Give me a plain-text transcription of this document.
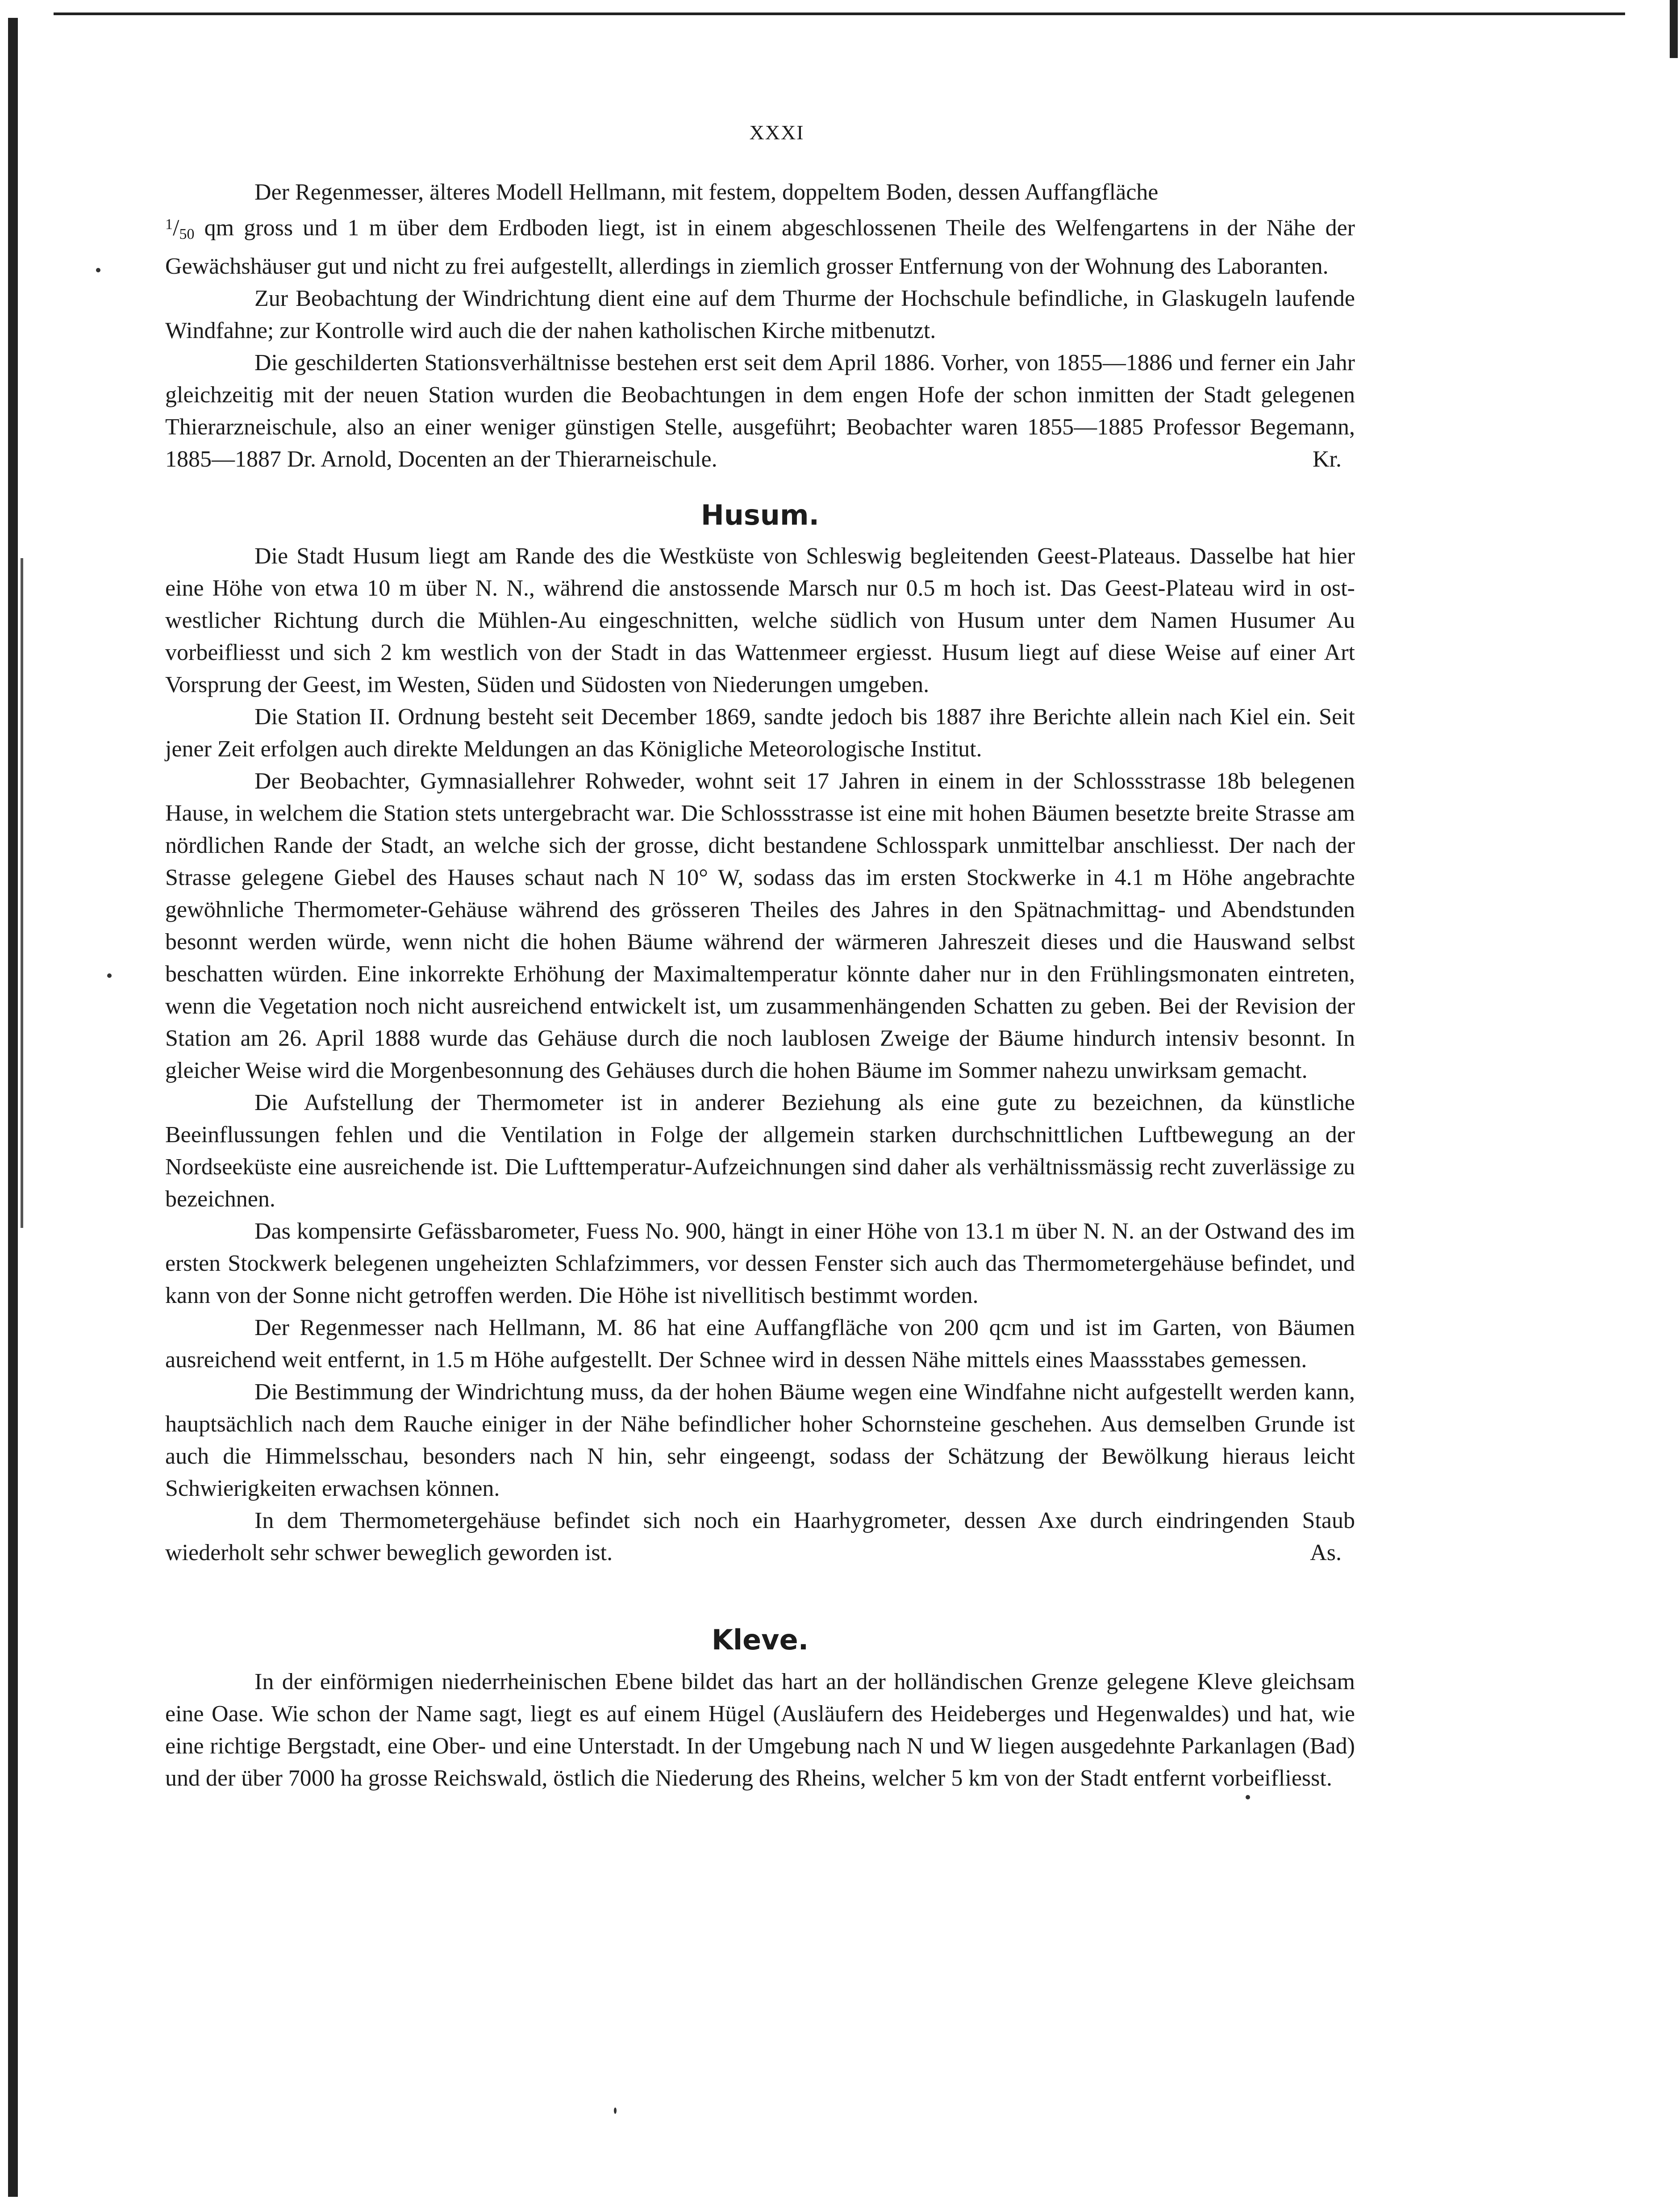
XXXI

Der Regenmesser, älteres Modell Hellmann, mit festem, doppeltem Boden, dessen Auffangfläche

$^1/_{50}$ qm gross und 1 m über dem Erdboden liegt, ist in einem abgeschlossenen Theile des Welfengartens in der Nähe der Gewächshäuser gut und nicht zu frei aufgestellt, allerdings in ziemlich grosser Entfernung von der Wohnung des Laboranten.

Zur Beobachtung der Windrichtung dient eine auf dem Thurme der Hochschule befindliche, in Glaskugeln laufende Windfahne; zur Kontrolle wird auch die der nahen katholischen Kirche mitbenutzt.

Die geschilderten Stationsverhältnisse bestehen erst seit dem April 1886. Vorher, von 1855—1886 und ferner ein Jahr gleichzeitig mit der neuen Station wurden die Beobachtungen in dem engen Hofe der schon inmitten der Stadt gelegenen Thierarzneischule, also an einer weniger günstigen Stelle, ausgeführt; Beobachter waren 1855—1885 Professor Begemann, 1885—1887 Dr. Arnold, Docenten an der Thierarneischule.	Kr.

Husum.

Die Stadt Husum liegt am Rande des die Westküste von Schleswig begleitenden Geest-Plateaus. Dasselbe hat hier eine Höhe von etwa 10 m über N. N., während die anstossende Marsch nur 0.5 m hoch ist. Das Geest-Plateau wird in ost-westlicher Richtung durch die Mühlen-Au eingeschnitten, welche südlich von Husum unter dem Namen Husumer Au vorbeifliesst und sich 2 km westlich von der Stadt in das Wattenmeer ergiesst. Husum liegt auf diese Weise auf einer Art Vorsprung der Geest, im Westen, Süden und Südosten von Niederungen umgeben.

Die Station II. Ordnung besteht seit December 1869, sandte jedoch bis 1887 ihre Berichte allein nach Kiel ein. Seit jener Zeit erfolgen auch direkte Meldungen an das Königliche Meteorologische Institut.

Der Beobachter, Gymnasiallehrer Rohweder, wohnt seit 17 Jahren in einem in der Schlossstrasse 18b belegenen Hause, in welchem die Station stets untergebracht war. Die Schlossstrasse ist eine mit hohen Bäumen besetzte breite Strasse am nördlichen Rande der Stadt, an welche sich der grosse, dicht bestandene Schlosspark unmittelbar anschliesst. Der nach der Strasse gelegene Giebel des Hauses schaut nach N 10° W, sodass das im ersten Stockwerke in 4.1 m Höhe angebrachte gewöhnliche Thermometer-Gehäuse während des grösseren Theiles des Jahres in den Spätnachmittag- und Abendstunden besonnt werden würde, wenn nicht die hohen Bäume während der wärmeren Jahreszeit dieses und die Hauswand selbst beschatten würden. Eine inkorrekte Erhöhung der Maximaltemperatur könnte daher nur in den Frühlingsmonaten eintreten, wenn die Vegetation noch nicht ausreichend entwickelt ist, um zusammenhängenden Schatten zu geben. Bei der Revision der Station am 26. April 1888 wurde das Gehäuse durch die noch laublosen Zweige der Bäume hindurch intensiv besonnt. In gleicher Weise wird die Morgenbesonnung des Gehäuses durch die hohen Bäume im Sommer nahezu unwirksam gemacht.

Die Aufstellung der Thermometer ist in anderer Beziehung als eine gute zu bezeichnen, da künstliche Beeinflussungen fehlen und die Ventilation in Folge der allgemein starken durchschnittlichen Luftbewegung an der Nordseeküste eine ausreichende ist. Die Lufttemperatur-Aufzeichnungen sind daher als verhältnissmässig recht zuverlässige zu bezeichnen.

Das kompensirte Gefässbarometer, Fuess No. 900, hängt in einer Höhe von 13.1 m über N. N. an der Ostwand des im ersten Stockwerk belegenen ungeheizten Schlafzimmers, vor dessen Fenster sich auch das Thermometergehäuse befindet, und kann von der Sonne nicht getroffen werden. Die Höhe ist nivellitisch bestimmt worden.

Der Regenmesser nach Hellmann, M. 86 hat eine Auffangfläche von 200 qcm und ist im Garten, von Bäumen ausreichend weit entfernt, in 1.5 m Höhe aufgestellt. Der Schnee wird in dessen Nähe mittels eines Maassstabes gemessen.

Die Bestimmung der Windrichtung muss, da der hohen Bäume wegen eine Windfahne nicht aufgestellt werden kann, hauptsächlich nach dem Rauche einiger in der Nähe befindlicher hoher Schornsteine geschehen. Aus demselben Grunde ist auch die Himmelsschau, besonders nach N hin, sehr eingeengt, sodass der Schätzung der Bewölkung hieraus leicht Schwierigkeiten erwachsen können.

In dem Thermometergehäuse befindet sich noch ein Haarhygrometer, dessen Axe durch eindringenden Staub wiederholt sehr schwer beweglich geworden ist.	As.

Kleve.

In der einförmigen niederrheinischen Ebene bildet das hart an der holländischen Grenze gelegene Kleve gleichsam eine Oase. Wie schon der Name sagt, liegt es auf einem Hügel (Ausläufern des Heideberges und Hegenwaldes) und hat, wie eine richtige Bergstadt, eine Ober- und eine Unterstadt. In der Umgebung nach N und W liegen ausgedehnte Parkanlagen (Bad) und der über 7000 ha grosse Reichswald, östlich die Niederung des Rheins, welcher 5 km von der Stadt entfernt vorbeifliesst.
